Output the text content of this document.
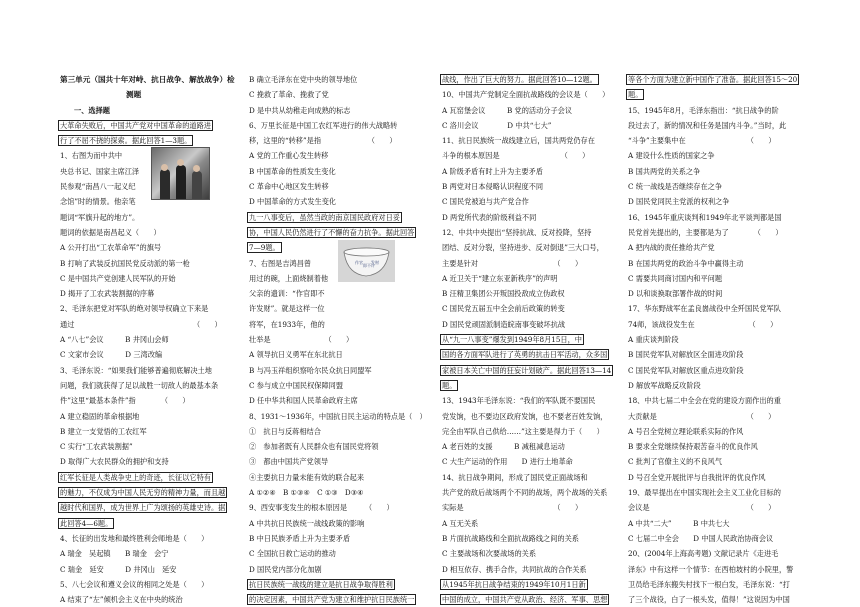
第三单元（国共十年对峙、抗日战争、解放战争）检

测题

一、选择题

大革命失败后，中国共产党对中国革命的道路进

行了不屈不挠的探索。据此回答1—3题。

1、右图为而中共中

央总书记、国家主席江泽

民参观“南昌八一起义纪

念馆”时的情景。他亲笔

题词“军旗升起的地方”。

题词的依据是南昌起义（　　）

A 公开打出“工农革命军”的旗号

B 打响了武装反抗国民党反动派的第一枪

C 是中国共产党创建人民军队的开始

D 揭开了工农武装割据的序幕

2、毛泽东把党对军队的绝对领导权确立下来是

通过　　　　　　　　　　　　　　　　　（　　）

A “八七”会议　　　B 井冈山会师

C 文家市会议　　　D 三湾改编

3、毛泽东说：“如果我们能够普遍彻底解决土地

问题，我们就获得了足以战胜一切敌人的最基本条

件”这里“最基本条件”指　　　　（　　）

A 建立稳固的革命根据地

B 建立一支觉悟的工农红军

C 实行“工农武装割据”

D 取得广大农民群众的拥护和支持

红军长征是人类战争史上的奇迹，长征以它特有

的魅力，不仅成为中国人民无穷的精神力量，而且越

越时代和国界，成为世界上广为颂扬的英雄史诗。据

此回答4—6题。

4、长征的出发地和最终胜利会师地是（　　）

A 瑞金　吴起镇　　B 瑞金　会宁

C 瑞金　延安　　　D 井冈山　延安

5、八七会议和遵义会议的相同之处是（　　）

A 结束了“左”倾机会主义在中央的统治

B 确立毛泽东在党中央的领导地位

C 挽救了革命、挽救了党

D 是中共从幼稚走向成熟的标志

6、万里长征是中国工农红军进行的伟大战略转

移，这里的“转移”是指　　　　　　　（　　）

A 党的工作重心发生转移

B 中国革命的性质发生变化

C 革命中心地区发生转移

D 中国革命的方式发生变化

九一八事变后，虽然当政的南京国民政府对日妥

协，中国人民仍然进行了不懈的奋力抗争。据此回答

7—9题。

7、右图是吉鸿昌曾

用过的碗，上面烧制着他

父亲的遗训：“作官即不

许发财”。就是这样一位

将军，在1933年，他的

壮举是　　　　　　　　（　　）

A 领导抗日义勇军在东北抗日

B 与冯玉祥组织察哈尔民众抗日同盟军

C 参与成立中国民权保障同盟

D 任中华共和国人民革命政府主席

8、1931～1936年，中国抗日民主运动的特点是（　）

①　抗日与反蒋相结合

②　参加者既有人民群众也有国民党将领

③　都由中国共产党领导

④主要抗日力量未能有效的联合起来

A ①②④　B ①③④　C ①③　D③④

9、西安事变发生的根本原因是　　　（　　）

A 中共抗日民族统一战线政策的影响

B 中日民族矛盾上升为主要矛盾

C 全国抗日救亡运动的推动

D 国民党内部分化加剧

抗日民族统一战线的建立是抗日战争取得胜利

的决定因素，中国共产党为建立和维护抗日民族统一

战线，作出了巨大的努力。据此回答10—12题。

10、中国共产党制定全面抗战路线的会议是（　　）

A 瓦窑堡会议　　　B 党的活动分子会议

C 洛川会议　　　　D 中共“七大”

11、抗日民族统一战线建立后，国共两党仍存在

斗争的根本原因是　　　　　　　　　（　　）

A 阶级矛盾有时上升为主要矛盾

B 两党对日本侵略认识程度不同

C 国民党被迫与共产党合作

D 两党所代表的阶级利益不同

12、中共中央提出“坚持抗战、反对投降，坚持

团结、反对分裂，坚持进步、反对倒退”三大口号，

主要是针对　　　　　　　　　　　（　　）

A 近卫关于“建立东亚新秩序”的声明

B 汪精卫集团公开叛国投敌成立伪政权

C 国民党五届五中全会前后政策的转变

D 国民党顽固派制造皖南事变破坏抗战

从“九一八事变”爆发到1949年8月15日，中

国的各方面军队进行了英勇的抗击日军活动，众多国

家被日本关亡中国的狂妄计划破产。据此回答13—14

题。

13、1943年毛泽东说：“我们的军队既不要国民

党发饷，也不要边区政府发饷，也不要老百姓发饷，

完全由军队自己供给……”这主要是得力于（　　）

A 老百姓的支援　　　B 减租减息运动

C 大生产运动的作用　　D 进行土地革命

14、抗日战争期间，形成了国民党正面战场和

共产党的敌后战场两个不同的战场，两个战场的关系

实际是　　　　　　　　　　　　　（　　）

A 互无关系

B 片面抗战路线和全面抗战路线之间的关系

C 主要战场和次要战场的关系

D 相互依存、携手合作，共同抗战的合作关系

从1945年抗日战争结束的1949年10月1日新

中国的成立，中国共产党从政治、经济、军事、思想

等各个方面为建立新中国作了准备。据此回答15～20

题。

15、1945年8月，毛泽东指出：“抗日战争的阶

段过去了，新的情况和任务是国内斗争。”当时，此

“斗争”主要集中在　　　　　　　　　（　　）

A 建设什么性质的国家之争

B 国共两党的关系之争

C 统一战线是否继续存在之争

D 国民党同民主党派的权利之争

16、1945年重庆谈判和1949年北平谈判都是国

民党首先提出的，主要都是为了　　　　（　　）

A 把内战的责任推给共产党

B 在国共两党的政治斗争中赢得主动

C 需要共同商讨国内和平问题

D 以和谈换取部署作战的时间

17、华东野战军在孟良崮战役中全歼国民党军队

74师，该战役发生在　　　　　　　　（　　）

A 重庆谈判阶段

B 国民党军队对解放区全面进攻阶段

C 国民党军队对解放区重点进攻阶段

D 解放军战略反攻阶段

18、中共七届二中全会在党的建设方面作出的重

大贡献是　　　　　　　　　　　　　（　　）

A 号召全党树立理论联系实际的作风

B 要求全党继续保持艰苦奋斗的优良作风

C 批判了官僚主义的不良风气

D 号召全党开展批评与自我批评的优良作风

19、最早提出在中国实现社会主义工业化目标的

会议是　　　　　　　　　　　　　　（　　）

A 中共“二大”　　　B 中共七大

C 七届二中全会　　D 中国人民政治协商会议

20、(2004年上海高考题) 文献记录片《走进毛

泽东》中有这样一个情节：在西柏坡村的小院里，警

卫员给毛泽东搬失村找下一根白发，毛泽东说：“打

了三个战役，白了一根头发，值得！”这说因为中国

作官
即不许
发财
